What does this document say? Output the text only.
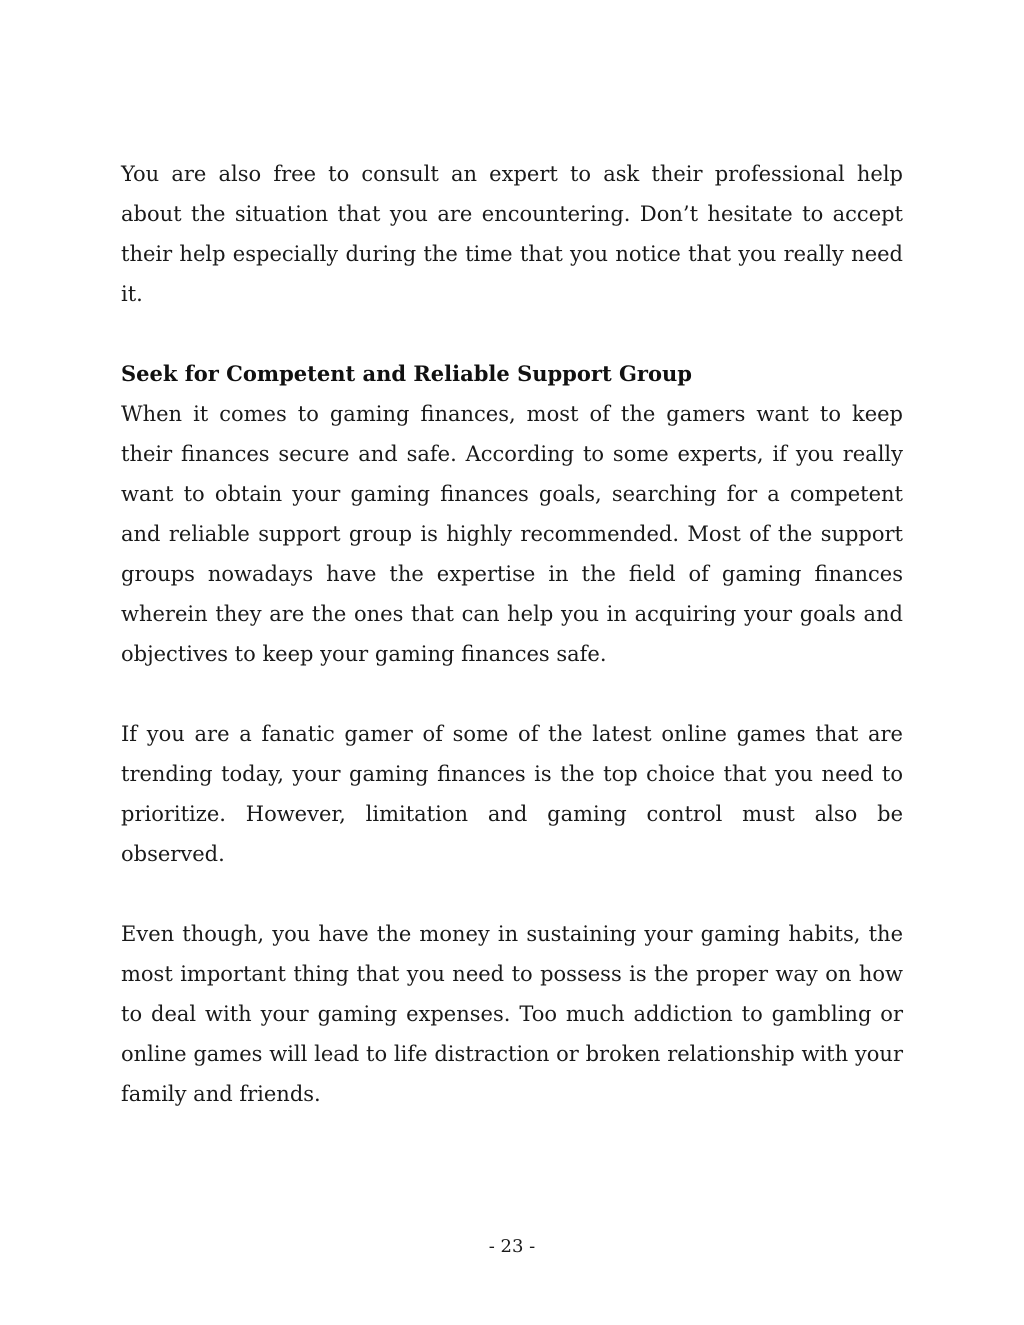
You are also free to consult an expert to ask their professional help about the situation that you are encountering. Don’t hesitate to accept their help especially during the time that you notice that you really need it.

Seek for Competent and Reliable Support Group

When it comes to gaming finances, most of the gamers want to keep their finances secure and safe. According to some experts, if you really want to obtain your gaming finances goals, searching for a competent and reliable support group is highly recommended. Most of the support groups nowadays have the expertise in the field of gaming finances wherein they are the ones that can help you in acquiring your goals and objectives to keep your gaming finances safe.

If you are a fanatic gamer of some of the latest online games that are trending today, your gaming finances is the top choice that you need to prioritize. However, limitation and gaming control must also be observed.

Even though, you have the money in sustaining your gaming habits, the most important thing that you need to possess is the proper way on how to deal with your gaming expenses. Too much addiction to gambling or online games will lead to life distraction or broken relationship with your family and friends.

- 23 -
